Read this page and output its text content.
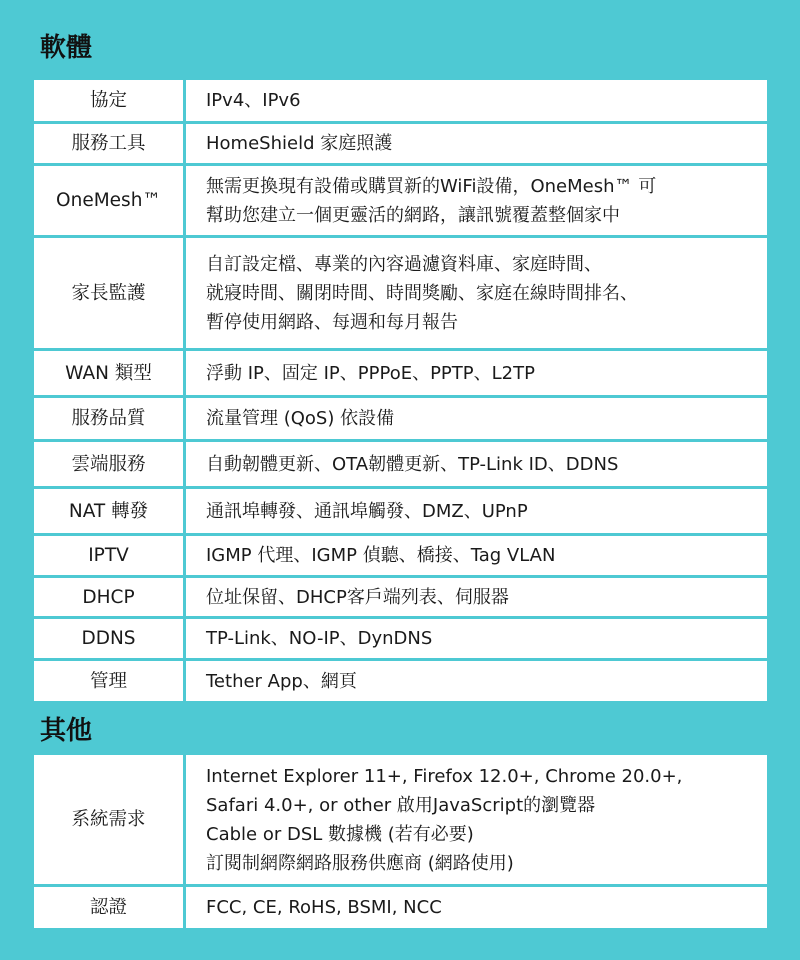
軟體
協定	IPv4、IPv6

服務工具	HomeShield 家庭照護

OneMesh™	無需更換現有設備或購買新的WiFi設備，OneMesh™ 可
幫助您建立一個更靈活的網路，讓訊號覆蓋整個家中

家長監護	自訂設定檔、專業的內容過濾資料庫、家庭時間、
就寢時間、關閉時間、時間獎勵、家庭在線時間排名、
暫停使用網路、每週和每月報告

WAN 類型	浮動 IP、固定 IP、PPPoE、PPTP、L2TP

服務品質	流量管理 (QoS) 依設備

雲端服務	自動韌體更新、OTA韌體更新、TP-Link ID、DDNS

NAT 轉發	通訊埠轉發、通訊埠觸發、DMZ、UPnP

IPTV	IGMP 代理、IGMP 偵聽、橋接、Tag VLAN

DHCP	位址保留、DHCP客戶端列表、伺服器

DDNS	TP-Link、NO-IP、DynDNS

管理	Tether App、網頁
其他
系統需求	Internet Explorer 11+, Firefox 12.0+, Chrome 20.0+,
Safari 4.0+, or other 啟用JavaScript的瀏覽器
Cable or DSL 數據機 (若有必要)
訂閱制網際網路服務供應商 (網路使用)

認證	FCC, CE, RoHS, BSMI, NCC
